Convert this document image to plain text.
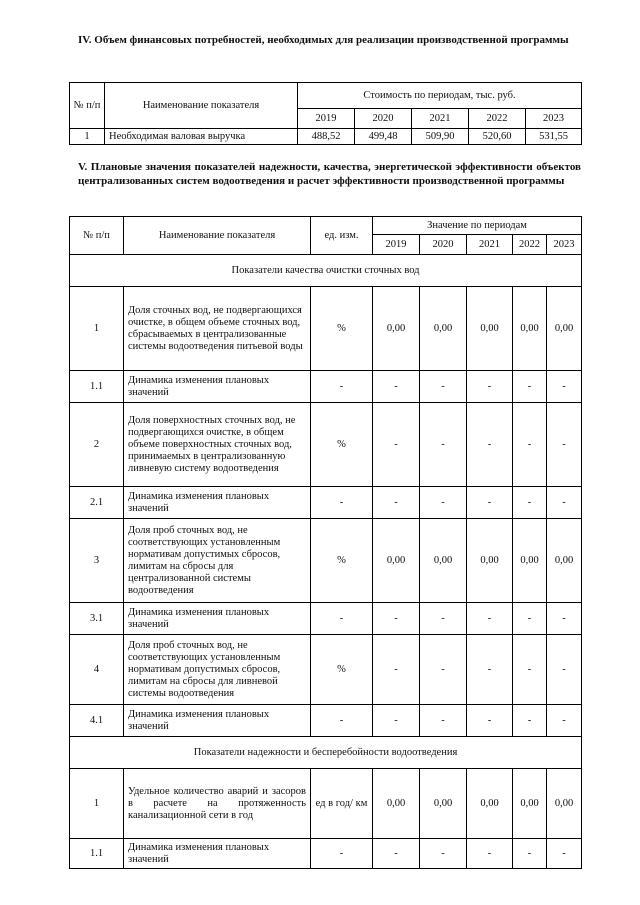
IV. Объем финансовых потребностей, необходимых для реализации производственной программы

№ п/п	Наименование показателя	Стоимость по периодам, тыс. руб.				
		2019	2020	2021	2022	2023
1	Необходимая валовая выручка	488,52	499,48	509,90	520,60	531,55

V. Плановые значения показателей надежности, качества, энергетической эффективности объектов централизованных систем водоотведения и расчет эффективности производственной программы

№ п/п	Наименование показателя	ед. изм.	Значение по периодам				
			2019	2020	2021	2022	2023
Показатели качества очистки сточных вод							
1	Доля сточных вод, не подвергающихся очистке, в общем объеме сточных вод, сбрасываемых в централизованные системы водоотведения питьевой воды	%	0,00	0,00	0,00	0,00	0,00
1.1	Динамика изменения плановых значений	-	-	-	-	-	-
2	Доля поверхностных сточных вод, не подвергающихся очистке, в общем объеме поверхностных сточных вод, принимаемых в централизованную ливневую систему водоотведения	%	-	-	-	-	-
2.1	Динамика изменения плановых значений	-	-	-	-	-	-
3	Доля проб сточных вод, не соответствующих установленным нормативам допустимых сбросов, лимитам на сбросы для централизованной системы водоотведения	%	0,00	0,00	0,00	0,00	0,00
3.1	Динамика изменения плановых значений	-	-	-	-	-	-
4	Доля проб сточных вод, не соответствующих установленным нормативам допустимых сбросов, лимитам на сбросы для ливневой системы водоотведения	%	-	-	-	-	-
4.1	Динамика изменения плановых значений	-	-	-	-	-	-
Показатели надежности и бесперебойности водоотведения							
1	Удельное количество аварий и засоров в расчете на протяженность канализационной сети в год	ед в год/ км	0,00	0,00	0,00	0,00	0,00
1.1	Динамика изменения плановых значений	-	-	-	-	-	-
